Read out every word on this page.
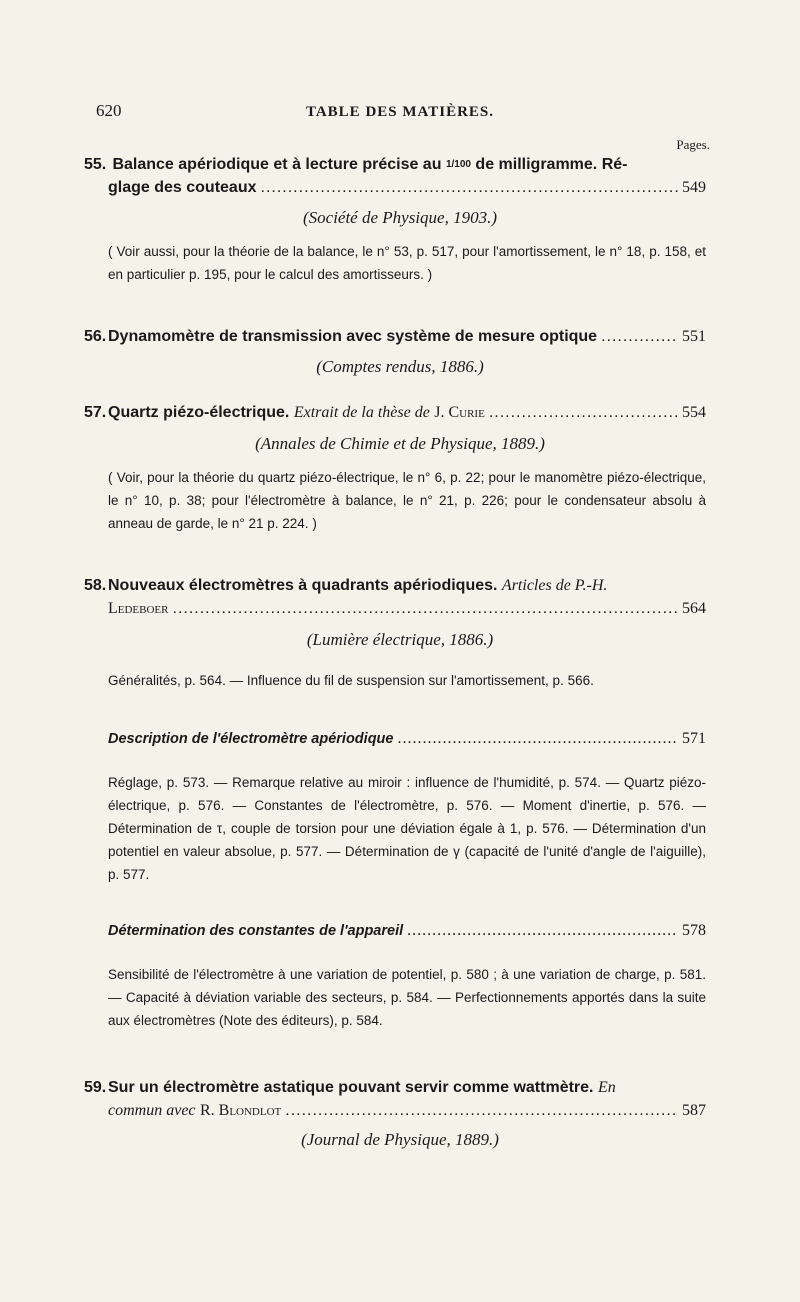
620	TABLE DES MATIÈRES.
Pages.
55. Balance apériodique et à lecture précise au 1/100 de milligramme. Ré-
glage des couteaux .....	549
(Société de Physique, 1903.)
( Voir aussi, pour la théorie de la balance, le n° 53, p. 517, pour l'amortissement, le n° 18, p. 158, et en particulier p. 195, pour le calcul des amortisseurs. )
56. Dynamomètre de transmission avec système de mesure optique .....	551
(Comptes rendus, 1886.)
57. Quartz piézo-électrique. Extrait de la thèse de J. Curie .....	554
(Annales de Chimie et de Physique, 1889.)
( Voir, pour la théorie du quartz piézo-électrique, le n° 6, p. 22; pour le manomètre piézo-électrique, le n° 10, p. 38; pour l'électromètre à balance, le n° 21, p. 226; pour le condensateur absolu à anneau de garde, le n° 21 p. 224. )
58. Nouveaux électromètres à quadrants apériodiques. Articles de P.-H.
Ledeboer .....	564
(Lumière électrique, 1886.)
Généralités, p. 564. — Influence du fil de suspension sur l'amortissement, p. 566.
Description de l'électromètre apériodique .....	571
Réglage, p. 573. — Remarque relative au miroir : influence de l'humidité, p. 574. — Quartz piézo-électrique, p. 576. — Constantes de l'électromètre, p. 576. — Moment d'inertie, p. 576. — Détermination de τ, couple de torsion pour une déviation égale à 1, p. 576. — Détermination d'un potentiel en valeur absolue, p. 577. — Détermination de γ (capacité de l'unité d'angle de l'aiguille), p. 577.
Détermination des constantes de l'appareil .....	578
Sensibilité de l'électromètre à une variation de potentiel, p. 580 ; à une variation de charge, p. 581. — Capacité à déviation variable des secteurs, p. 584. — Perfectionnements apportés dans la suite aux électromètres (Note des éditeurs), p. 584.
59. Sur un électromètre astatique pouvant servir comme wattmètre. En
commun avec R. Blondlot .....	587
(Journal de Physique, 1889.)
